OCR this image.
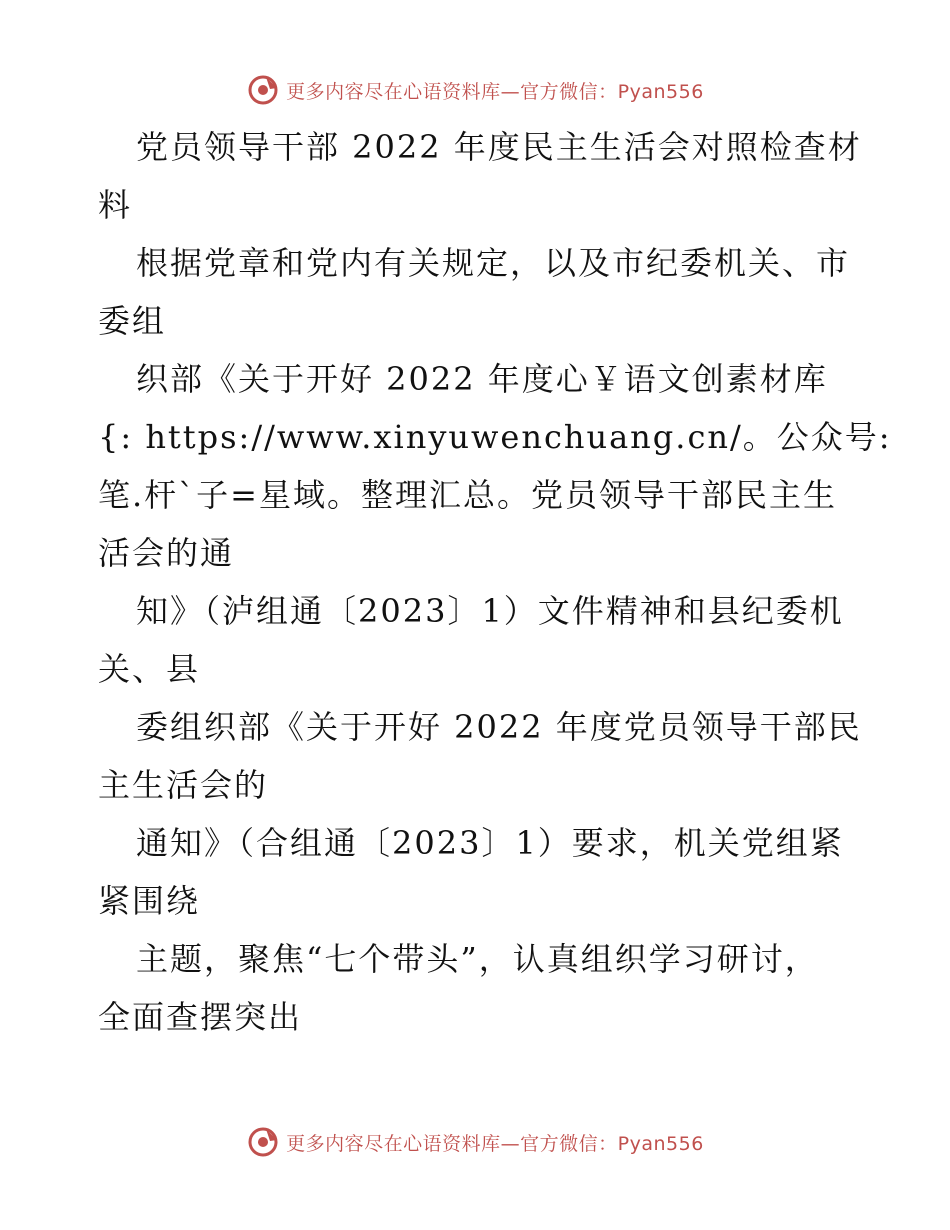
更多内容尽在心语资料库—官方微信：Pyan556
党员领导干部 2022 年度民主生活会对照检查材
料
根据党章和党内有关规定，以及市纪委机关、市
委组
织部《关于开好 2022 年度心￥语文创素材库
{: https://www.xinyuwenchuang.cn/。公众号:
笔.杆`子=星域。整理汇总。党员领导干部民主生
活会的通
知》（泸组通〔2023〕1）文件精神和县纪委机
关、县
委组织部《关于开好 2022 年度党员领导干部民
主生活会的
通知》（合组通〔2023〕1）要求，机关党组紧
紧围绕
主题，聚焦“七个带头”，认真组织学习研讨，
全面查摆突出
更多内容尽在心语资料库—官方微信：Pyan556
